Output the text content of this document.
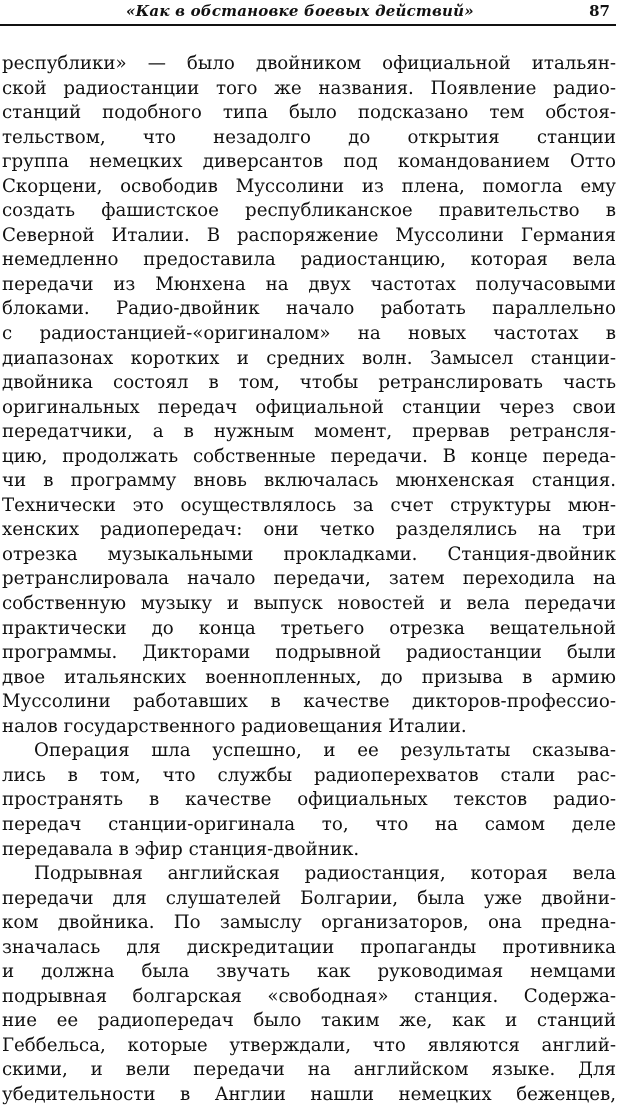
«Как в обстановке боевых действий»	87
республики» — было двойником официальной итальян-
ской радиостанции того же названия. Появление радио-
станций подобного типа было подсказано тем обстоя-
тельством, что незадолго до открытия станции
группа немецких диверсантов под командованием Отто
Скорцени, освободив Муссолини из плена, помогла ему
создать фашистское республиканское правительство в
Северной Италии. В распоряжение Муссолини Германия
немедленно предоставила радиостанцию, которая вела
передачи из Мюнхена на двух частотах получасовыми
блоками. Радио-двойник начало работать параллельно
с радиостанцией-«оригиналом» на новых частотах в
диапазонах коротких и средних волн. Замысел станции-
двойника состоял в том, чтобы ретранслировать часть
оригинальных передач официальной станции через свои
передатчики, а в нужным момент, прервав ретрансля-
цию, продолжать собственные передачи. В конце переда-
чи в программу вновь включалась мюнхенская станция.
Технически это осуществлялось за счет структуры мюн-
хенских радиопередач: они четко разделялись на три
отрезка музыкальными прокладками. Станция-двойник
ретранслировала начало передачи, затем переходила на
собственную музыку и выпуск новостей и вела передачи
практически до конца третьего отрезка вещательной
программы. Дикторами подрывной радиостанции были
двое итальянских военнопленных, до призыва в армию
Муссолини работавших в качестве дикторов-профессио-
налов государственного радиовещания Италии.
Операция шла успешно, и ее результаты сказыва-
лись в том, что службы радиоперехватов стали рас-
пространять в качестве официальных текстов радио-
передач станции-оригинала то, что на самом деле
передавала в эфир станция-двойник.
Подрывная английская радиостанция, которая вела
передачи для слушателей Болгарии, была уже двойни-
ком двойника. По замыслу организаторов, она предна-
значалась для дискредитации пропаганды противника
и должна была звучать как руководимая немцами
подрывная болгарская «свободная» станция. Содержа-
ние ее радиопередач было таким же, как и станций
Геббельса, которые утверждали, что являются англий-
скими, и вели передачи на английском языке. Для
убедительности в Англии нашли немецких беженцев,
